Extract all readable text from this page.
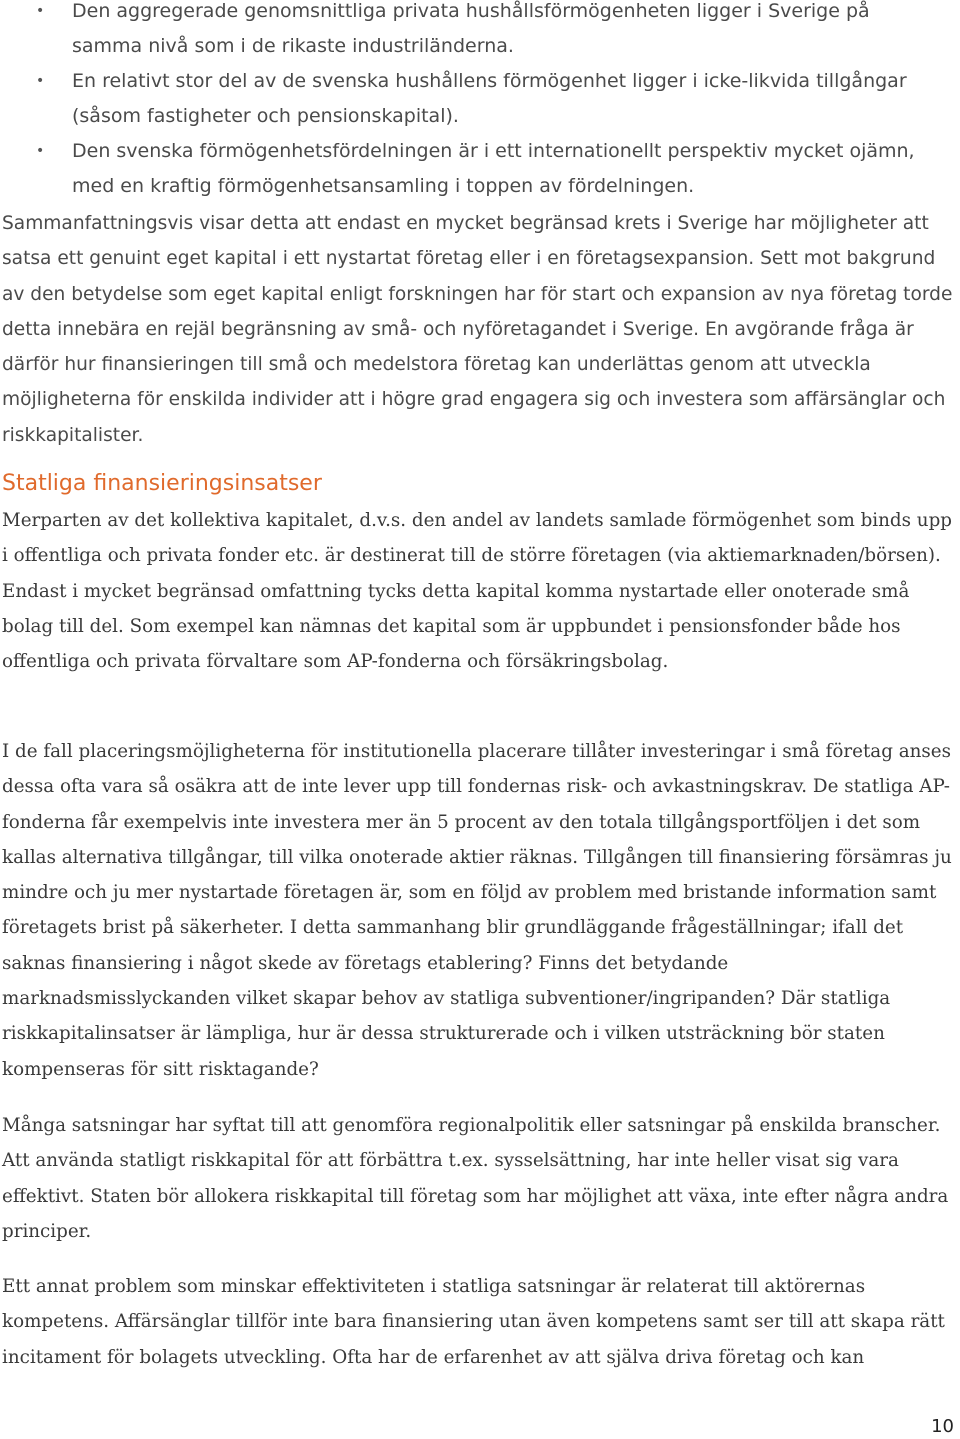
• Den aggregerade genomsnittliga privata hushållsförmögenheten ligger i Sverige på samma nivå som i de rikaste industriländerna.
• En relativt stor del av de svenska hushållens förmögenhet ligger i icke-likvida tillgångar (såsom fastigheter och pensionskapital).
• Den svenska förmögenhetsfördelningen är i ett internationellt perspektiv mycket ojämn, med en kraftig förmögenhetsansamling i toppen av fördelningen.

Sammanfattningsvis visar detta att endast en mycket begränsad krets i Sverige har möjligheter att satsa ett genuint eget kapital i ett nystartat företag eller i en företagsexpansion. Sett mot bakgrund av den betydelse som eget kapital enligt forskningen har för start och expansion av nya företag torde detta innebära en rejäl begränsning av små- och nyföretagandet i Sverige. En avgörande fråga är därför hur finansieringen till små och medelstora företag kan underlättas genom att utveckla möjligheterna för enskilda individer att i högre grad engagera sig och investera som affärsänglar och riskkapitalister.

Statliga finansieringsinsatser

Merparten av det kollektiva kapitalet, d.v.s. den andel av landets samlade förmögenhet som binds upp i offentliga och privata fonder etc. är destinerat till de större företagen (via aktiemarknaden/börsen). Endast i mycket begränsad omfattning tycks detta kapital komma nystartade eller onoterade små bolag till del. Som exempel kan nämnas det kapital som är uppbundet i pensionsfonder både hos offentliga och privata förvaltare som AP-fonderna och försäkringsbolag.

I de fall placeringsmöjligheterna för institutionella placerare tillåter investeringar i små företag anses dessa ofta vara så osäkra att de inte lever upp till fondernas risk- och avkastningskrav. De statliga AP-fonderna får exempelvis inte investera mer än 5 procent av den totala tillgångsportföljen i det som kallas alternativa tillgångar, till vilka onoterade aktier räknas. Tillgången till finansiering försämras ju mindre och ju mer nystartade företagen är, som en följd av problem med bristande information samt företagets brist på säkerheter. I detta sammanhang blir grundläggande frågeställningar; ifall det saknas finansiering i något skede av företags etablering? Finns det betydande marknadsmisslyckanden vilket skapar behov av statliga subventioner/ingripanden? Där statliga riskkapitalinsatser är lämpliga, hur är dessa strukturerade och i vilken utsträckning bör staten kompenseras för sitt risktagande?

Många satsningar har syftat till att genomföra regionalpolitik eller satsningar på enskilda branscher. Att använda statligt riskkapital för att förbättra t.ex. sysselsättning, har inte heller visat sig vara effektivt. Staten bör allokera riskkapital till företag som har möjlighet att växa, inte efter några andra principer.

Ett annat problem som minskar effektiviteten i statliga satsningar är relaterat till aktörernas kompetens. Affärsänglar tillför inte bara finansiering utan även kompetens samt ser till att skapa rätt incitament för bolagets utveckling. Ofta har de erfarenhet av att själva driva företag och kan

10
